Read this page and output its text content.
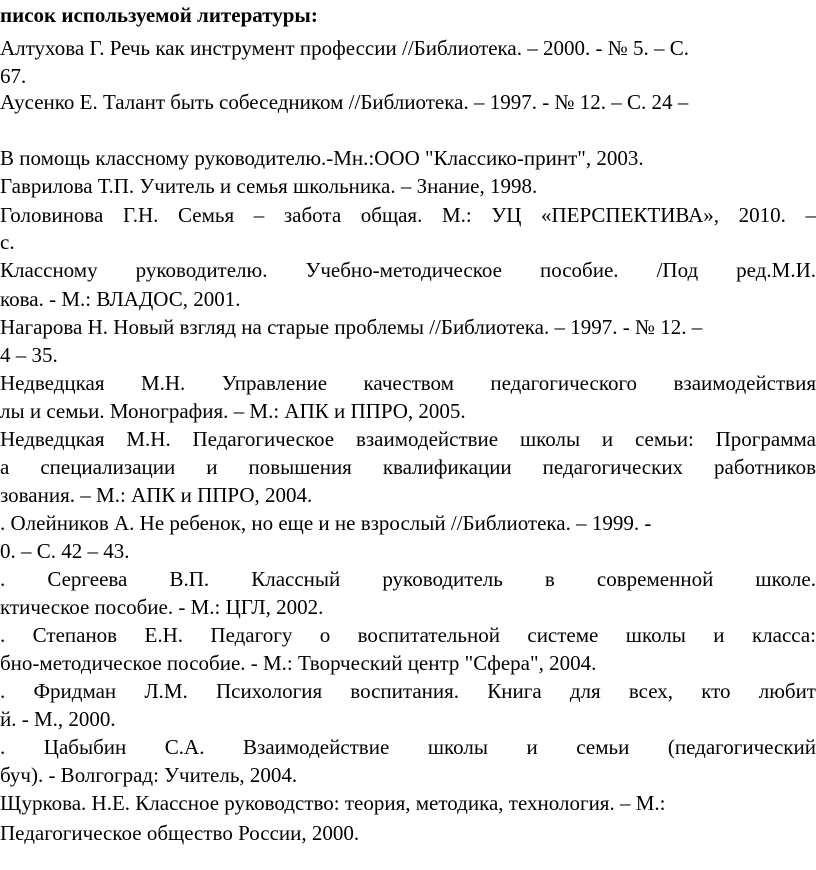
писок используемой литературы:
Алтухова Г. Речь как инструмент профессии //Библиотека. – 2000. - № 5. – С.
67.
Аусенко Е. Талант быть собеседником //Библиотека. – 1997. - № 12. – С. 24 –
В помощь классному руководителю.-Мн.:ООО "Классико-принт", 2003.
Гаврилова Т.П. Учитель и семья школьника. – Знание, 1998.
Головинова Г.Н. Семья – забота общая. М.: УЦ «ПЕРСПЕКТИВА», 2010. –
с.
Классному руководителю. Учебно-методическое пособие. /Под ред.М.И.
кова. - М.: ВЛАДОС, 2001.
Нагарова Н. Новый взгляд на старые проблемы //Библиотека. – 1997. - № 12. –
4 – 35.
Недведцкая М.Н. Управление качеством педагогического взаимодействия
лы и семьи. Монография. – М.: АПК и ППРО, 2005.
Недведцкая М.Н. Педагогическое взаимодействие школы и семьи: Программа
а специализации и повышения квалификации педагогических работников
зования. – М.: АПК и ППРО, 2004.
. Олейников А. Не ребенок, но еще и не взрослый //Библиотека. – 1999. -
0. – С. 42 – 43.
. Сергеева В.П. Классный руководитель в современной школе.
ктическое пособие. - М.: ЦГЛ, 2002.
. Степанов Е.Н. Педагогу о воспитательной системе школы и класса:
бно-методическое пособие. - М.: Творческий центр "Сфера", 2004.
. Фридман Л.М. Психология воспитания. Книга для всех, кто любит
й. - М., 2000.
. Цабыбин С.А. Взаимодействие школы и семьи (педагогический
буч). - Волгоград: Учитель, 2004.
Щуркова. Н.Е. Классное руководство: теория, методика, технология. – М.:
Педагогическое общество России, 2000.
